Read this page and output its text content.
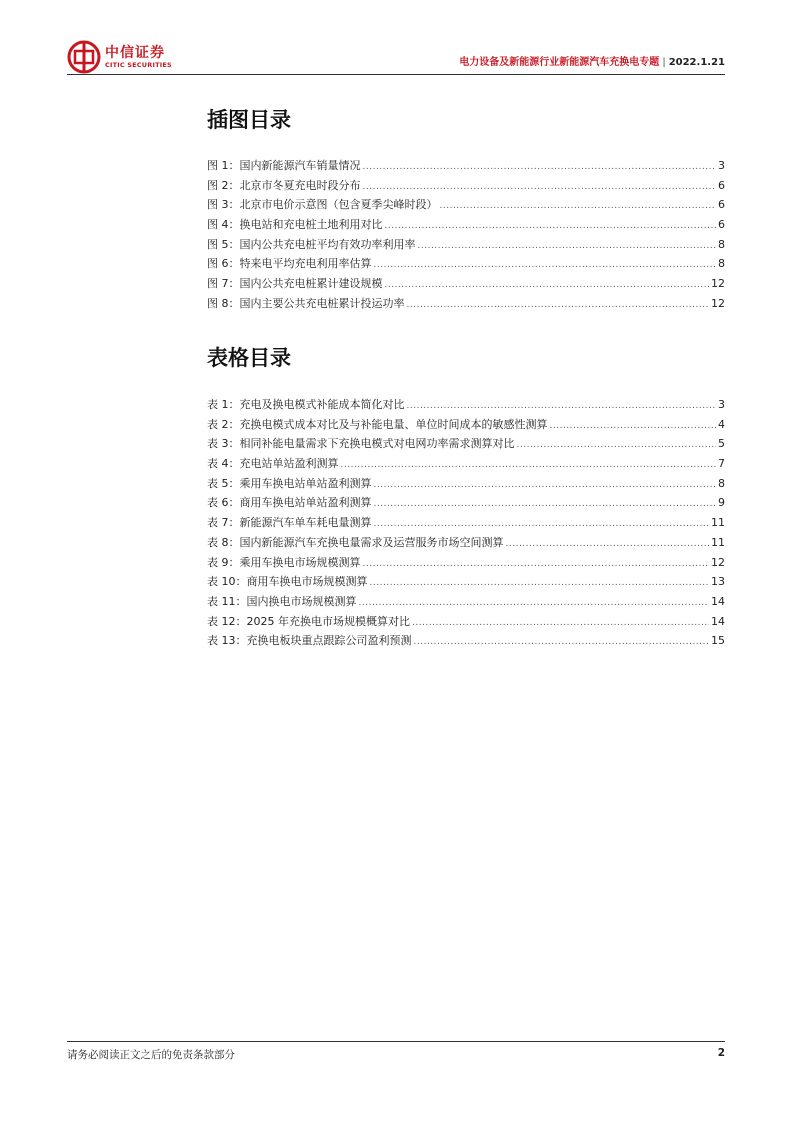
中信证券
CITIC SECURITIES	电力设备及新能源行业新能源汽车充换电专题 | 2022.1.21
插图目录
图 1：国内新能源汽车销量情况 .....	3
图 2：北京市冬夏充电时段分布 .....	6
图 3：北京市电价示意图（包含夏季尖峰时段） .....	6
图 4：换电站和充电桩土地利用对比 .....	6
图 5：国内公共充电桩平均有效功率利用率 .....	8
图 6：特来电平均充电利用率估算 .....	8
图 7：国内公共充电桩累计建设规模 .....	12
图 8：国内主要公共充电桩累计投运功率 .....	12
表格目录
表 1：充电及换电模式补能成本简化对比 .....	3
表 2：充换电模式成本对比及与补能电量、单位时间成本的敏感性测算 .....	4
表 3：相同补能电量需求下充换电模式对电网功率需求测算对比 .....	5
表 4：充电站单站盈利测算 .....	7
表 5：乘用车换电站单站盈利测算 .....	8
表 6：商用车换电站单站盈利测算 .....	9
表 7：新能源汽车单车耗电量测算 .....	11
表 8：国内新能源汽车充换电量需求及运营服务市场空间测算 .....	11
表 9：乘用车换电市场规模测算 .....	12
表 10：商用车换电市场规模测算 .....	13
表 11：国内换电市场规模测算 .....	14
表 12：2025 年充换电市场规模概算对比 .....	14
表 13：充换电板块重点跟踪公司盈利预测 .....	15
请务必阅读正文之后的免责条款部分	2
